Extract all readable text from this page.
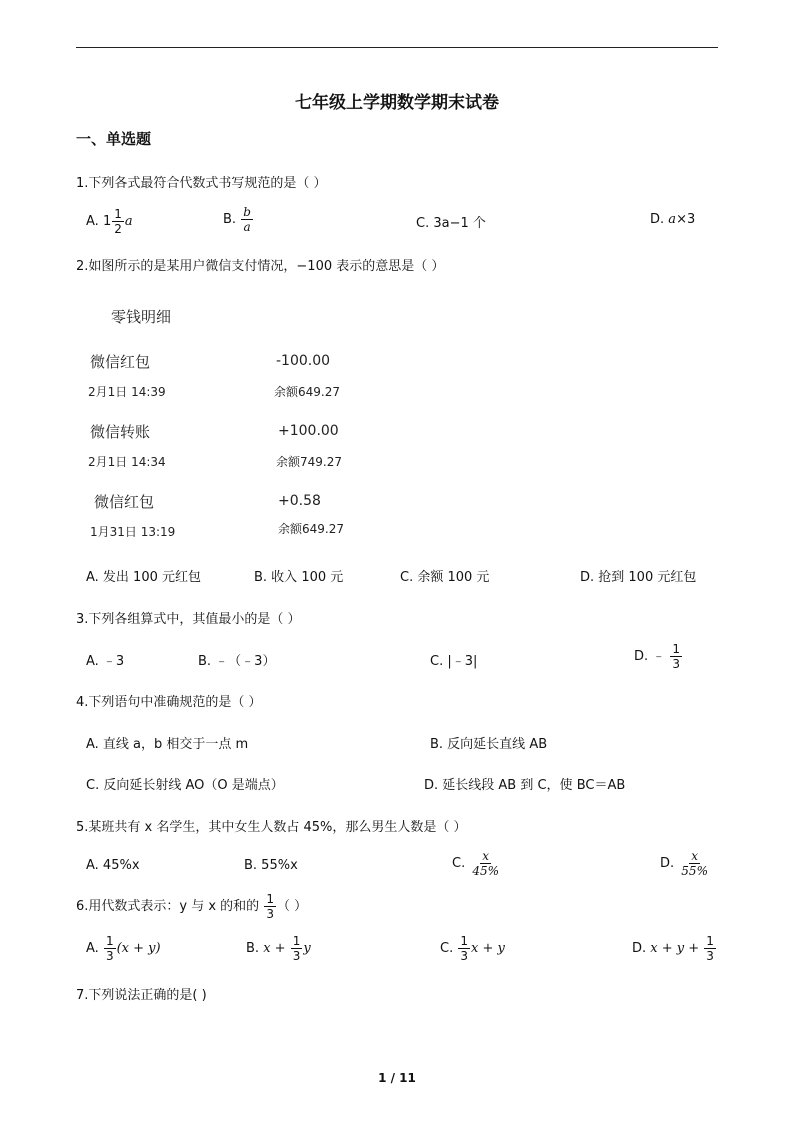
七年级上学期数学期末试卷
一、单选题
1.下列各式最符合代数式书写规范的是（ ）
A. $1 \frac{1}{2}$ a	B. $\frac{b}{a}$	C. 3a−1 个	D. a×3
2.如图所示的是某用户微信支付情况，−100 表示的意思是（ ）
零钱明细
微信红包	-100.00
2月1日 14:39	余额649.27
微信转账	+100.00
2月1日 14:34	余额749.27
微信红包	+0.58
1月31日 13:19	余额649.27
A. 发出 100 元红包	B. 收入 100 元	C. 余额 100 元	D. 抢到 100 元红包
3.下列各组算式中，其值最小的是（ ）
A. ﹣3	B. ﹣（﹣3）	C. |﹣3|	D. ﹣ $\frac{1}{3}$
4.下列语句中准确规范的是（ ）
A. 直线 a，b 相交于一点 m	B. 反向延长直线 AB
C. 反向延长射线 AO（O 是端点）	D. 延长线段 AB 到 C，使 BC＝AB
5.某班共有 x 名学生，其中女生人数占 45%，那么男生人数是（ ）
A. 45%x	B. 55%x	C. $\frac{x}{45\%}$	D. $\frac{x}{55\%}$
6.用代数式表示：y 与 x 的和的 $\frac{1}{3}$ （ ）
A. $\frac{1}{3} (x + y)$	B. $x + \frac{1}{3}$ y	C. $\frac{1}{3}$ x + y	D. $x + y + \frac{1}{3}$
7.下列说法正确的是( )
1 / 11
